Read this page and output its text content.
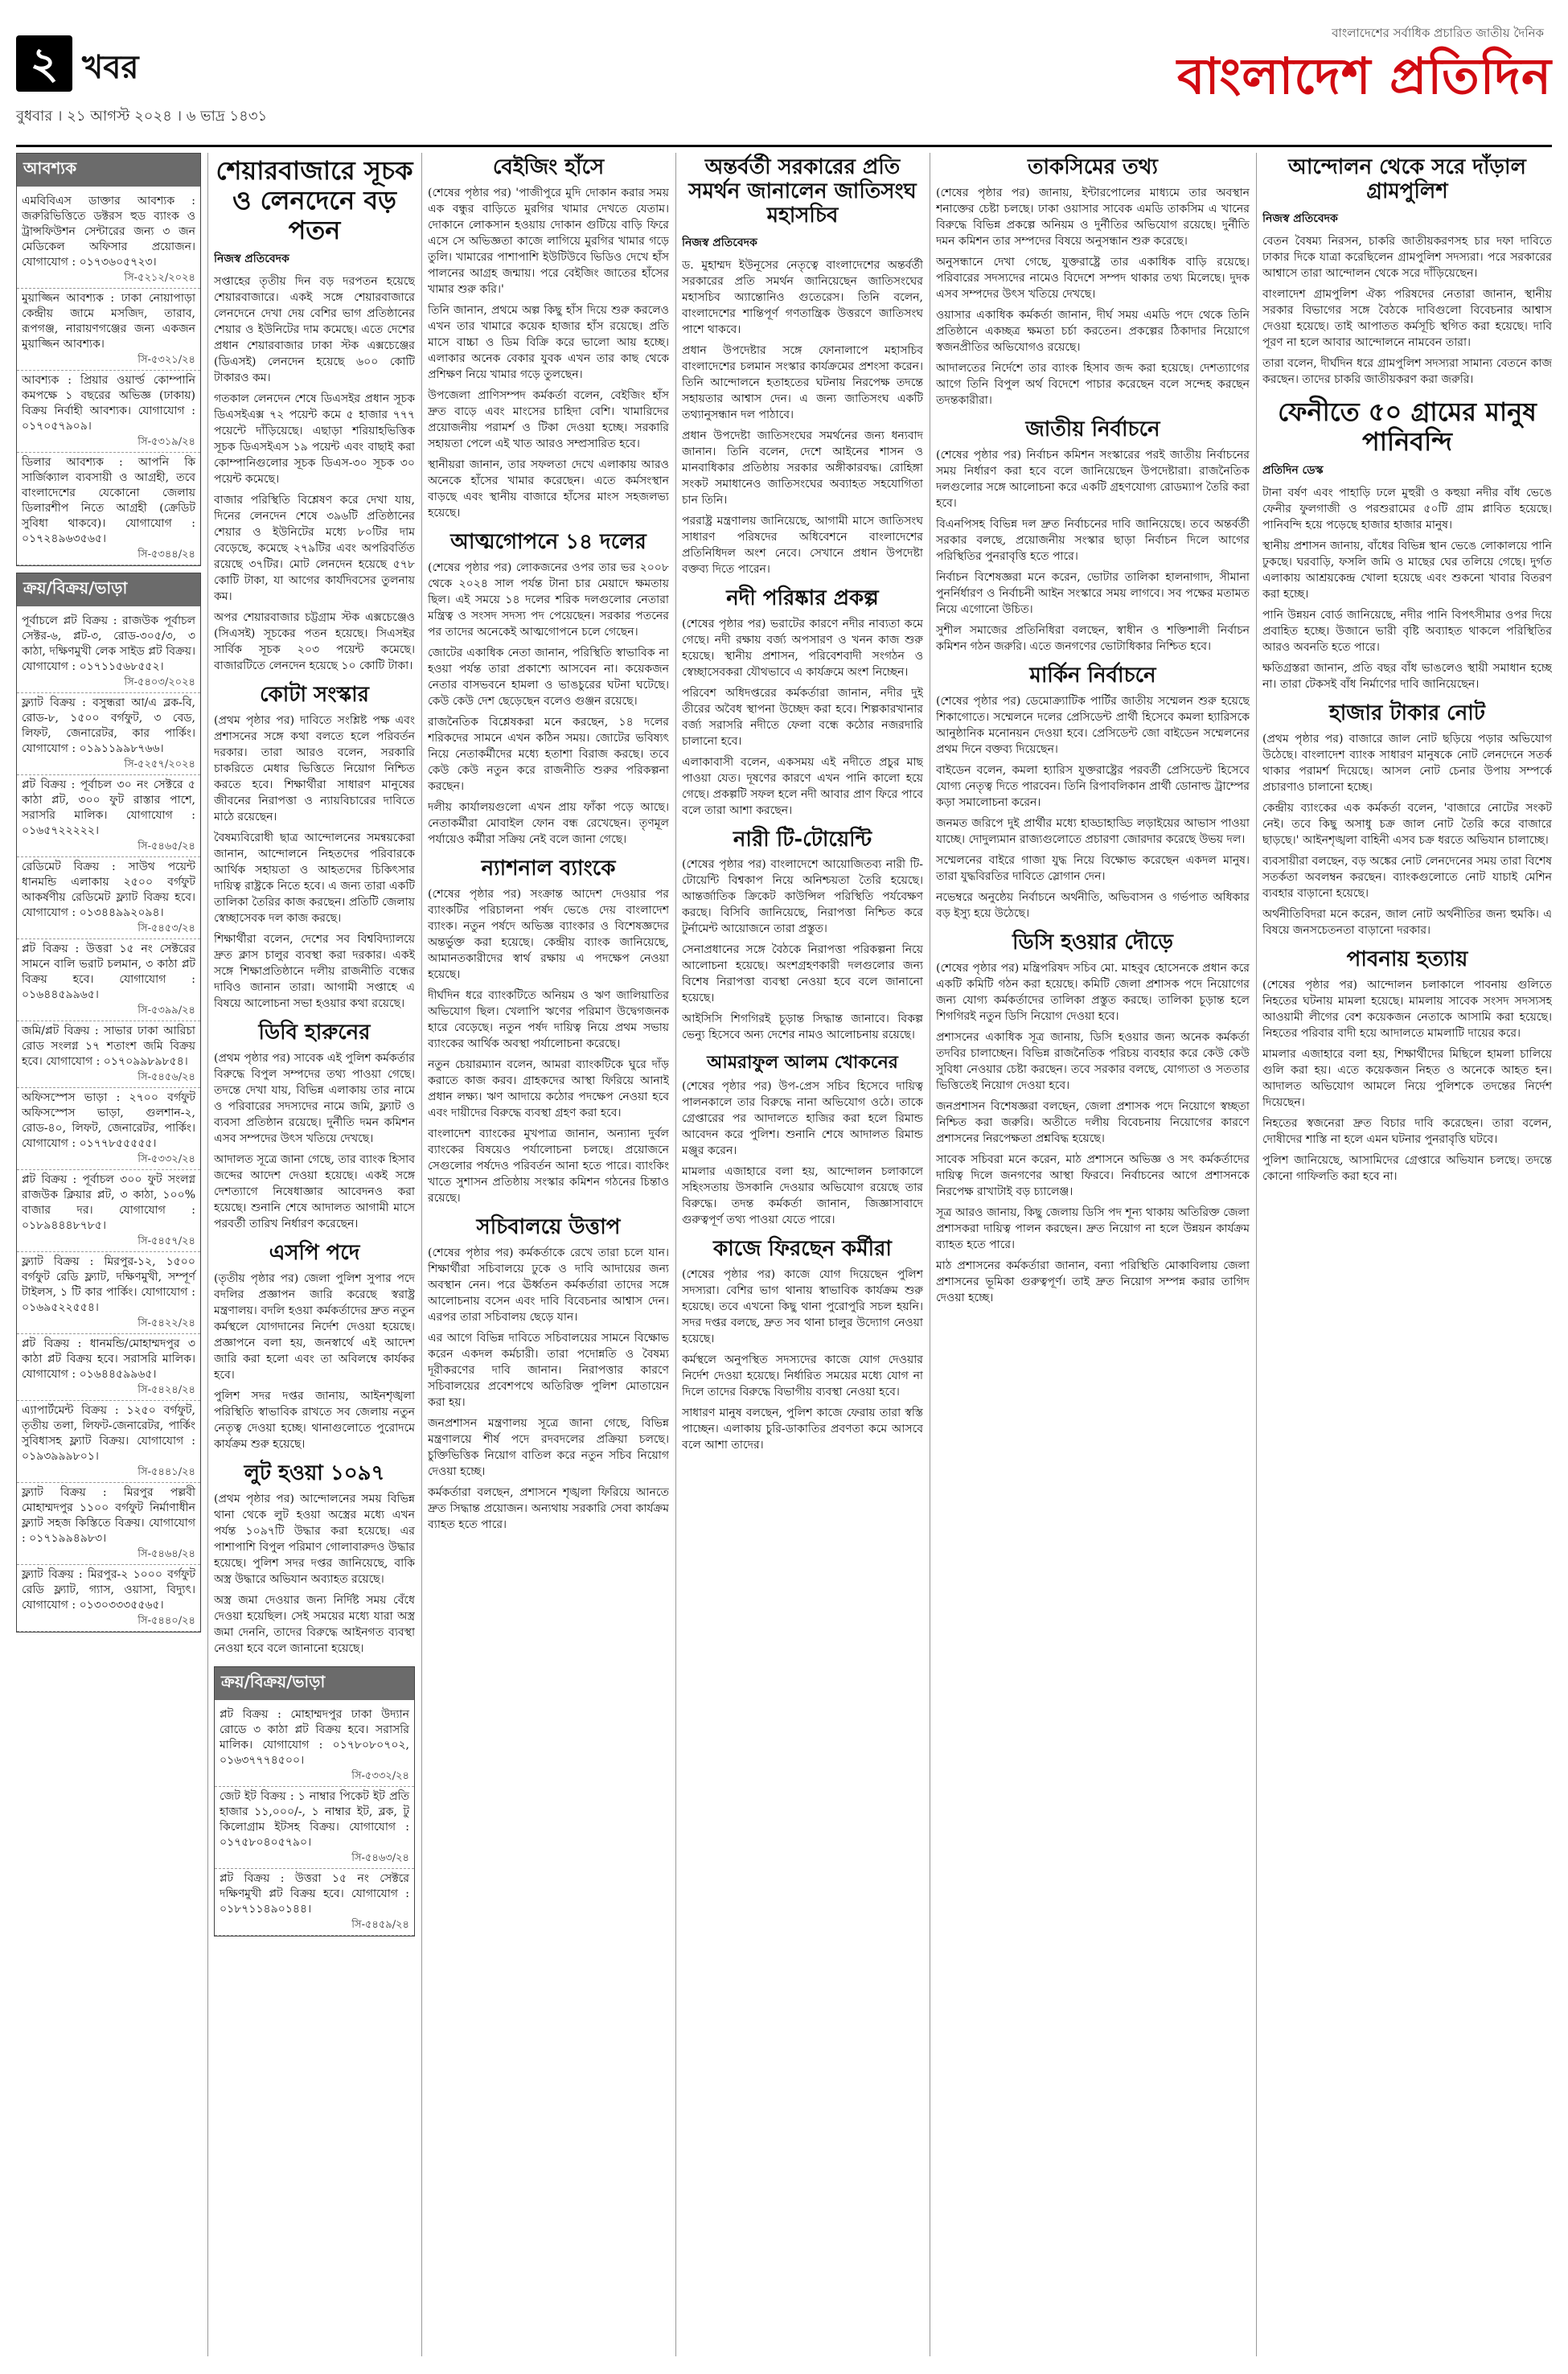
২ খবর
বুধবার । ২১ আগস্ট ২০২৪ । ৬ ভাদ্র ১৪৩১
বাংলাদেশের সর্বাধিক প্রচারিত জাতীয় দৈনিক
বাংলাদেশ প্রতিদিন
আবশ্যক
এমবিবিএস ডাক্তার আবশ্যক : জরুরিভিত্তিতে ডক্টরস হুড ব্যাংক ও ট্রান্সফিউশন সেন্টারের জন্য ৩ জন মেডিকেল অফিসার প্রয়োজন। যোগাযোগ : ০১৭৩৬০৫৭২৩।
সি-৫২১২/২০২৪
মুয়াজ্জিন আবশ্যক : ঢাকা নোয়াপাড়া কেন্দ্রীয় জামে মসজিদ, তারাব, রূপগঞ্জ, নারায়ণগঞ্জের জন্য একজন মুয়াজ্জিন আবশ্যক।
সি-৫৩২১/২৪
আবশ্যক : প্রিয়ার ওয়ার্ল্ড কোম্পানি কমপক্ষে ১ বছরের অভিজ্ঞ (ঢাকায়) বিক্রয় নির্বাহী আবশ্যক। যোগাযোগ : ০১৭০৫৭৯০৯।
সি-৫৩১৯/২৪
ডিলার আবশ্যক : আপনি কি সাৰ্জিক্যাল ব্যবসায়ী ও আগ্রহী, তবে বাংলাদেশের যেকোনো জেলায় ডিলারশীপ নিতে আগ্রহী (ক্রেডিট সুবিধা থাকবে)। যোগাযোগ : ০১৭২৪৯৬৩৫৬৫।
সি-৫৩৪৪/২৪
ক্রয়/বিক্রয়/ভাড়া
পূর্বাচলে প্লট বিক্রয় : রাজউক পূর্বাচল সেক্টর-৬, প্লট-৩, রোড-৩০৫/৩, ৩ কাঠা, দক্ষিণমুখী লেক সাইড প্লট বিক্রয়। যোগাযোগ : ০১৭১১৫৬৮৫৫২।
সি-৫৪০৩/২০২৪
ফ্ল্যাট বিক্রয় : বসুন্ধরা আ/এ ব্লক-বি, রোড-৮, ১৫০০ বর্গফুট, ৩ বেড, লিফট, জেনারেটর, কার পার্কিং। যোগাযোগ : ০১৯১১৯৯৮৭৬৬।
সি-৫২৫৭/২০২৪
প্লট বিক্রয় : পূর্বাচল ৩০ নং সেক্টরে ৫ কাঠা প্লট, ৩০০ ফুট রাস্তার পাশে, সরাসরি মালিক। যোগাযোগ : ০১৬৫৭২২২২২।
সি-৫৪৬৫/২৪
রেডিমেট বিক্রয় : সাউথ পয়েন্ট ধানমন্ডি এলাকায় ২৫০০ বর্গফুট আকর্ষণীয় রেডিমেট ফ্ল্যাট বিক্রয় হবে। যোগাযোগ : ০১৩৪৪৯৯২০৯৪।
সি-৫৪৫৩/২৪
প্লট বিক্রয় : উত্তরা ১৫ নং সেক্টরের সামনে বালি ভরাট চলমান, ৩ কাঠা প্লট বিক্রয় হবে। যোগাযোগ : ০১৬৪৪৫৯৯৬৫।
সি-৫৩৯৯/২৪
জমি/প্লট বিক্রয় : সাভার ঢাকা আরিচা রোড সংলগ্ন ১৭ শতাংশ জমি বিক্রয় হবে। যোগাযোগ : ০১৭০৯৯৮৯৮৫৪।
সি-৫৪৫৬/২৪
অফিসস্পেস ভাড়া : ২৭০০ বর্গফুট অফিসস্পেস ভাড়া, গুলশান-২, রোড-৪০, লিফট, জেনারেটর, পার্কিং। যোগাযোগ : ০১৭৭৮৫৫৫৫৫।
সি-৫৩৩২/২৪
প্লট বিক্রয় : পূর্বাচল ৩০০ ফুট সংলগ্ন রাজউক ক্লিয়ার প্লট, ৩ কাঠা, ১০০% বাজার দর। যোগাযোগ : ০১৮৯৪৪৪৮৭৮৫।
সি-৫৪৫৭/২৪
ফ্ল্যাট বিক্রয় : মিরপুর-১২, ১৫০০ বর্গফুট রেডি ফ্ল্যাট, দক্ষিণমুখী, সম্পূর্ণ টাইলস, ১ টি কার পার্কিং। যোগাযোগ : ০১৬৯৫২২৫৫৪।
সি-৫৪২২/২৪
প্লট বিক্রয় : ধানমন্ডি/মোহাম্মদপুর ৩ কাঠা প্লট বিক্রয় হবে। সরাসরি মালিক। যোগাযোগ : ০১৬৪৪৫৯৯৬৫।
সি-৫৪২৪/২৪
এ্যাপার্টমেন্ট বিক্রয় : ১২৫০ বর্গফুট, তৃতীয় তলা, লিফট-জেনারেটর, পার্কিং সুবিধাসহ ফ্ল্যাট বিক্রয়। যোগাযোগ : ০১৯৩৯৯৯৮০১।
সি-৫৪৪১/২৪
ফ্ল্যাট বিক্রয় : মিরপুর পল্লবী মোহাম্মদপুর ১১০০ বর্গফুট নির্মাণাধীন ফ্ল্যাট সহজ কিস্তিতে বিক্রয়। যোগাযোগ : ০১৭১৯৯৪৯৮৩।
সি-৫৪৬৪/২৪
ফ্ল্যাট বিক্রয় : মিরপুর-২ ১০০০ বর্গফুট রেডি ফ্ল্যাট, গ্যাস, ওয়াসা, বিদ্যুৎ। যোগাযোগ : ০১৩০৩৩৩৫৫৬৫।
সি-৫৪৪০/২৪
শেয়ারবাজারে সূচক ও লেনদেনে বড় পতন
নিজস্ব প্রতিবেদক

সপ্তাহের তৃতীয় দিন বড় দরপতন হয়েছে শেয়ারবাজারে। একই সঙ্গে শেয়ারবাজারে লেনদেনে দেখা দেয় বেশির ভাগ প্রতিষ্ঠানের শেয়ার ও ইউনিটের দাম কমেছে। এতে দেশের প্রধান শেয়ারবাজার ঢাকা স্টক এক্সচেঞ্জের (ডিএসই) লেনদেন হয়েছে ৬০০ কোটি টাকারও কম।

গতকাল লেনদেন শেষে ডিএসইর প্রধান সূচক ডিএসইএক্স ৭২ পয়েন্ট কমে ৫ হাজার ৭৭৭ পয়েন্টে দাঁড়িয়েছে। এছাড়া শরিয়াহভিত্তিক সূচক ডিএসইএস ১৯ পয়েন্ট এবং বাছাই করা কোম্পানিগুলোর সূচক ডিএস-৩০ সূচক ৩০ পয়েন্ট কমেছে।

বাজার পরিস্থিতি বিশ্লেষণ করে দেখা যায়, দিনের লেনদেন শেষে ৩৯৬টি প্রতিষ্ঠানের শেয়ার ও ইউনিটের মধ্যে ৮০টির দাম বেড়েছে, কমেছে ২৭৯টির এবং অপরিবর্তিত রয়েছে ৩৭টির। মোট লেনদেন হয়েছে ৫৭৮ কোটি টাকা, যা আগের কার্যদিবসের তুলনায় কম।

অপর শেয়ারবাজার চট্টগ্রাম স্টক এক্সচেঞ্জেও (সিএসই) সূচকের পতন হয়েছে। সিএসইর সার্বিক সূচক ২০৩ পয়েন্ট কমেছে। বাজারটিতে লেনদেন হয়েছে ১০ কোটি টাকা।

কোটা সংস্কার

(প্রথম পৃষ্ঠার পর) দাবিতে সংশ্লিষ্ট পক্ষ এবং প্রশাসনের সঙ্গে কথা বলতে হলে পরিবর্তন দরকার। তারা আরও বলেন, সরকারি চাকরিতে মেধার ভিত্তিতে নিয়োগ নিশ্চিত করতে হবে। শিক্ষার্থীরা সাধারণ মানুষের জীবনের নিরাপত্তা ও ন্যায়বিচারের দাবিতে মাঠে রয়েছেন।

বৈষম্যবিরোধী ছাত্র আন্দোলনের সমন্বয়কেরা জানান, আন্দোলনে নিহতদের পরিবারকে আর্থিক সহায়তা ও আহতদের চিকিৎসার দায়িত্ব রাষ্ট্রকে নিতে হবে। এ জন্য তারা একটি তালিকা তৈরির কাজ করছেন। প্রতিটি জেলায় স্বেচ্ছাসেবক দল কাজ করছে।

শিক্ষার্থীরা বলেন, দেশের সব বিশ্ববিদ্যালয়ে দ্রুত ক্লাস চালুর ব্যবস্থা করা দরকার। একই সঙ্গে শিক্ষাপ্রতিষ্ঠানে দলীয় রাজনীতি বন্ধের দাবিও জানান তারা। আগামী সপ্তাহে এ বিষয়ে আলোচনা সভা হওয়ার কথা রয়েছে।

ডিবি হারুনের

(প্রথম পৃষ্ঠার পর) সাবেক এই পুলিশ কর্মকর্তার বিরুদ্ধে বিপুল সম্পদের তথ্য পাওয়া গেছে। তদন্তে দেখা যায়, বিভিন্ন এলাকায় তার নামে ও পরিবারের সদস্যদের নামে জমি, ফ্ল্যাট ও ব্যবসা প্রতিষ্ঠান রয়েছে। দুর্নীতি দমন কমিশন এসব সম্পদের উৎস খতিয়ে দেখছে।

আদালত সূত্রে জানা গেছে, তার ব্যাংক হিসাব জব্দের আদেশ দেওয়া হয়েছে। একই সঙ্গে দেশত্যাগে নিষেধাজ্ঞার আবেদনও করা হয়েছে। শুনানি শেষে আদালত আগামী মাসে পরবর্তী তারিখ নির্ধারণ করেছেন।

এসপি পদে

(তৃতীয় পৃষ্ঠার পর) জেলা পুলিশ সুপার পদে বদলির প্রজ্ঞাপন জারি করেছে স্বরাষ্ট্র মন্ত্রণালয়। বদলি হওয়া কর্মকর্তাদের দ্রুত নতুন কর্মস্থলে যোগদানের নির্দেশ দেওয়া হয়েছে। প্রজ্ঞাপনে বলা হয়, জনস্বার্থে এই আদেশ জারি করা হলো এবং তা অবিলম্বে কার্যকর হবে।

পুলিশ সদর দপ্তর জানায়, আইনশৃঙ্খলা পরিস্থিতি স্বাভাবিক রাখতে সব জেলায় নতুন নেতৃত্ব দেওয়া হচ্ছে। থানাগুলোতে পুরোদমে কার্যক্রম শুরু হয়েছে।

লুট হওয়া ১০৯৭

(প্রথম পৃষ্ঠার পর) আন্দোলনের সময় বিভিন্ন থানা থেকে লুট হওয়া অস্ত্রের মধ্যে এখন পর্যন্ত ১০৯৭টি উদ্ধার করা হয়েছে। এর পাশাপাশি বিপুল পরিমাণ গোলাবারুদও উদ্ধার হয়েছে। পুলিশ সদর দপ্তর জানিয়েছে, বাকি অস্ত্র উদ্ধারে অভিযান অব্যাহত রয়েছে।

অস্ত্র জমা দেওয়ার জন্য নির্দিষ্ট সময় বেঁধে দেওয়া হয়েছিল। সেই সময়ের মধ্যে যারা অস্ত্র জমা দেননি, তাদের বিরুদ্ধে আইনগত ব্যবস্থা নেওয়া হবে বলে জানানো হয়েছে।

ক্রয়/বিক্রয়/ভাড়া
প্লট বিক্রয় : মোহাম্মদপুর ঢাকা উদ্যান রোডে ৩ কাঠা প্লট বিক্রয় হবে। সরাসরি মালিক। যোগাযোগ : ০১৭৮০৮০৭০২, ০১৬৩৭৭৭৪৫০০।
সি-৫৩৩২/২৪
জেট ইট বিক্রয় : ১ নাম্বার পিকেট ইট প্রতি হাজার ১১,০০০/-, ১ নাম্বার ইট, ব্লক, টু কিলোগ্রাম ইটসহ বিক্রয়। যোগাযোগ : ০১৭৫৮০৪০৫৭৯০।
সি-৫৪৬৩/২৪
প্লট বিক্রয় : উত্তরা ১৫ নং সেক্টরে দক্ষিণমুখী প্লট বিক্রয় হবে। যোগাযোগ : ০১৮৭১১৪৯০১৪৪।
সি-৫৪৫৯/২৪
বেইজিং হাঁসে

(শেষের পৃষ্ঠার পর) 'পাজীপুরে মুদি দোকান করার সময় এক বন্ধুর বাড়িতে মুরগির খামার দেখতে যেতাম। দোকানে লোকসান হওয়ায় দোকান গুটিয়ে বাড়ি ফিরে এসে সে অভিজ্ঞতা কাজে লাগিয়ে মুরগির খামার গড়ে তুলি। খামারের পাশাপাশি ইউটিউবে ভিডিও দেখে হাঁস পালনের আগ্রহ জন্মায়। পরে বেইজিং জাতের হাঁসের খামার শুরু করি।'

তিনি জানান, প্রথমে অল্প কিছু হাঁস দিয়ে শুরু করলেও এখন তার খামারে কয়েক হাজার হাঁস রয়েছে। প্রতি মাসে বাচ্চা ও ডিম বিক্রি করে ভালো আয় হচ্ছে। এলাকার অনেক বেকার যুবক এখন তার কাছ থেকে প্রশিক্ষণ নিয়ে খামার গড়ে তুলছেন।

উপজেলা প্রাণিসম্পদ কর্মকর্তা বলেন, বেইজিং হাঁস দ্রুত বাড়ে এবং মাংসের চাহিদা বেশি। খামারিদের প্রয়োজনীয় পরামর্শ ও টিকা দেওয়া হচ্ছে। সরকারি সহায়তা পেলে এই খাত আরও সম্প্রসারিত হবে।

স্থানীয়রা জানান, তার সফলতা দেখে এলাকায় আরও অনেকে হাঁসের খামার করেছেন। এতে কর্মসংস্থান বাড়ছে এবং স্থানীয় বাজারে হাঁসের মাংস সহজলভ্য হয়েছে।

আত্মগোপনে ১৪ দলের

(শেষের পৃষ্ঠার পর) লোকজনের ওপর তার ভর ২০০৮ থেকে ২০২৪ সাল পর্যন্ত টানা চার মেয়াদে ক্ষমতায় ছিল। এই সময়ে ১৪ দলের শরিক দলগুলোর নেতারা মন্ত্রিত্ব ও সংসদ সদস্য পদ পেয়েছেন। সরকার পতনের পর তাদের অনেকেই আত্মগোপনে চলে গেছেন।

জোটের একাধিক নেতা জানান, পরিস্থিতি স্বাভাবিক না হওয়া পর্যন্ত তারা প্রকাশ্যে আসবেন না। কয়েকজন নেতার বাসভবনে হামলা ও ভাঙচুরের ঘটনা ঘটেছে। কেউ কেউ দেশ ছেড়েছেন বলেও গুঞ্জন রয়েছে।

রাজনৈতিক বিশ্লেষকরা মনে করছেন, ১৪ দলের শরিকদের সামনে এখন কঠিন সময়। জোটের ভবিষ্যৎ নিয়ে নেতাকর্মীদের মধ্যে হতাশা বিরাজ করছে। তবে কেউ কেউ নতুন করে রাজনীতি শুরুর পরিকল্পনা করছেন।

দলীয় কার্যালয়গুলো এখন প্রায় ফাঁকা পড়ে আছে। নেতাকর্মীরা মোবাইল ফোন বন্ধ রেখেছেন। তৃণমূল পর্যায়েও কর্মীরা সক্রিয় নেই বলে জানা গেছে।

ন্যাশনাল ব্যাংকে

(শেষের পৃষ্ঠার পর) সংক্রান্ত আদেশ দেওয়ার পর ব্যাংকটির পরিচালনা পর্ষদ ভেঙে দেয় বাংলাদেশ ব্যাংক। নতুন পর্ষদে অভিজ্ঞ ব্যাংকার ও বিশেষজ্ঞদের অন্তর্ভুক্ত করা হয়েছে। কেন্দ্রীয় ব্যাংক জানিয়েছে, আমানতকারীদের স্বার্থ রক্ষায় এ পদক্ষেপ নেওয়া হয়েছে।

দীর্ঘদিন ধরে ব্যাংকটিতে অনিয়ম ও ঋণ জালিয়াতির অভিযোগ ছিল। খেলাপি ঋণের পরিমাণ উদ্বেগজনক হারে বেড়েছে। নতুন পর্ষদ দায়িত্ব নিয়ে প্রথম সভায় ব্যাংকের আর্থিক অবস্থা পর্যালোচনা করেছে।

নতুন চেয়ারম্যান বলেন, আমরা ব্যাংকটিকে ঘুরে দাঁড় করাতে কাজ করব। গ্রাহকদের আস্থা ফিরিয়ে আনাই প্রধান লক্ষ্য। ঋণ আদায়ে কঠোর পদক্ষেপ নেওয়া হবে এবং দায়ীদের বিরুদ্ধে ব্যবস্থা গ্রহণ করা হবে।

বাংলাদেশ ব্যাংকের মুখপাত্র জানান, অন্যান্য দুর্বল ব্যাংকের বিষয়েও পর্যালোচনা চলছে। প্রয়োজনে সেগুলোর পর্ষদেও পরিবর্তন আনা হতে পারে। ব্যাংকিং খাতে সুশাসন প্রতিষ্ঠায় সংস্কার কমিশন গঠনের চিন্তাও রয়েছে।

সচিবালয়ে উত্তাপ

(শেষের পৃষ্ঠার পর) কর্মকর্তাকে রেখে তারা চলে যান। শিক্ষার্থীরা সচিবালয়ে ঢুকে ও দাবি আদায়ের জন্য অবস্থান নেন। পরে ঊর্ধ্বতন কর্মকর্তারা তাদের সঙ্গে আলোচনায় বসেন এবং দাবি বিবেচনার আশ্বাস দেন। এরপর তারা সচিবালয় ছেড়ে যান।

এর আগে বিভিন্ন দাবিতে সচিবালয়ের সামনে বিক্ষোভ করেন একদল কর্মচারী। তারা পদোন্নতি ও বৈষম্য দূরীকরণের দাবি জানান। নিরাপত্তার কারণে সচিবালয়ের প্রবেশপথে অতিরিক্ত পুলিশ মোতায়েন করা হয়।

জনপ্রশাসন মন্ত্রণালয় সূত্রে জানা গেছে, বিভিন্ন মন্ত্রণালয়ে শীর্ষ পদে রদবদলের প্রক্রিয়া চলছে। চুক্তিভিত্তিক নিয়োগ বাতিল করে নতুন সচিব নিয়োগ দেওয়া হচ্ছে।

কর্মকর্তারা বলছেন, প্রশাসনে শৃঙ্খলা ফিরিয়ে আনতে দ্রুত সিদ্ধান্ত প্রয়োজন। অন্যথায় সরকারি সেবা কার্যক্রম ব্যাহত হতে পারে।

অন্তর্বর্তী সরকারের প্রতি সমর্থন জানালেন জাতিসংঘ মহাসচিব
নিজস্ব প্রতিবেদক

ড. মুহাম্মদ ইউনূসের নেতৃত্বে বাংলাদেশের অন্তর্বর্তী সরকারের প্রতি সমর্থন জানিয়েছেন জাতিসংঘের মহাসচিব অ্যান্তোনিও গুতেরেস। তিনি বলেন, বাংলাদেশের শান্তিপূর্ণ গণতান্ত্রিক উত্তরণে জাতিসংঘ পাশে থাকবে।

প্রধান উপদেষ্টার সঙ্গে ফোনালাপে মহাসচিব বাংলাদেশের চলমান সংস্কার কার্যক্রমের প্রশংসা করেন। তিনি আন্দোলনে হতাহতের ঘটনায় নিরপেক্ষ তদন্তে সহায়তার আশ্বাস দেন। এ জন্য জাতিসংঘ একটি তথ্যানুসন্ধান দল পাঠাবে।

প্রধান উপদেষ্টা জাতিসংঘের সমর্থনের জন্য ধন্যবাদ জানান। তিনি বলেন, দেশে আইনের শাসন ও মানবাধিকার প্রতিষ্ঠায় সরকার অঙ্গীকারবদ্ধ। রোহিঙ্গা সংকট সমাধানেও জাতিসংঘের অব্যাহত সহযোগিতা চান তিনি।

পররাষ্ট্র মন্ত্রণালয় জানিয়েছে, আগামী মাসে জাতিসংঘ সাধারণ পরিষদের অধিবেশনে বাংলাদেশের প্রতিনিধিদল অংশ নেবে। সেখানে প্রধান উপদেষ্টা বক্তব্য দিতে পারেন।

নদী পরিষ্কার প্রকল্প

(শেষের পৃষ্ঠার পর) ভরাটের কারণে নদীর নাব্যতা কমে গেছে। নদী রক্ষায় বর্জ্য অপসারণ ও খনন কাজ শুরু হয়েছে। স্থানীয় প্রশাসন, পরিবেশবাদী সংগঠন ও স্বেচ্ছাসেবকরা যৌথভাবে এ কার্যক্রমে অংশ নিচ্ছেন।

পরিবেশ অধিদপ্তরের কর্মকর্তারা জানান, নদীর দুই তীরের অবৈধ স্থাপনা উচ্ছেদ করা হবে। শিল্পকারখানার বর্জ্য সরাসরি নদীতে ফেলা বন্ধে কঠোর নজরদারি চালানো হবে।

এলাকাবাসী বলেন, একসময় এই নদীতে প্রচুর মাছ পাওয়া যেত। দূষণের কারণে এখন পানি কালো হয়ে গেছে। প্রকল্পটি সফল হলে নদী আবার প্রাণ ফিরে পাবে বলে তারা আশা করছেন।

নারী টি-টোয়েন্টি

(শেষের পৃষ্ঠার পর) বাংলাদেশে আয়োজিতব্য নারী টি-টোয়েন্টি বিশ্বকাপ নিয়ে অনিশ্চয়তা তৈরি হয়েছে। আন্তর্জাতিক ক্রিকেট কাউন্সিল পরিস্থিতি পর্যবেক্ষণ করছে। বিসিবি জানিয়েছে, নিরাপত্তা নিশ্চিত করে টুর্নামেন্ট আয়োজনে তারা প্রস্তুত।

সেনাপ্রধানের সঙ্গে বৈঠকে নিরাপত্তা পরিকল্পনা নিয়ে আলোচনা হয়েছে। অংশগ্রহণকারী দলগুলোর জন্য বিশেষ নিরাপত্তা ব্যবস্থা নেওয়া হবে বলে জানানো হয়েছে।

আইসিসি শিগগিরই চূড়ান্ত সিদ্ধান্ত জানাবে। বিকল্প ভেন্যু হিসেবে অন্য দেশের নামও আলোচনায় রয়েছে।

আমরাফুল আলম খোকনের

(শেষের পৃষ্ঠার পর) উপ-প্রেস সচিব হিসেবে দায়িত্ব পালনকালে তার বিরুদ্ধে নানা অভিযোগ ওঠে। তাকে গ্রেপ্তারের পর আদালতে হাজির করা হলে রিমান্ড আবেদন করে পুলিশ। শুনানি শেষে আদালত রিমান্ড মঞ্জুর করেন।

মামলার এজাহারে বলা হয়, আন্দোলন চলাকালে সহিংসতায় উসকানি দেওয়ার অভিযোগ রয়েছে তার বিরুদ্ধে। তদন্ত কর্মকর্তা জানান, জিজ্ঞাসাবাদে গুরুত্বপূর্ণ তথ্য পাওয়া যেতে পারে।

কাজে ফিরছেন কর্মীরা

(শেষের পৃষ্ঠার পর) কাজে যোগ দিয়েছেন পুলিশ সদস্যরা। বেশির ভাগ থানায় স্বাভাবিক কার্যক্রম শুরু হয়েছে। তবে এখনো কিছু থানা পুরোপুরি সচল হয়নি। সদর দপ্তর বলছে, দ্রুত সব থানা চালুর উদ্যোগ নেওয়া হয়েছে।

কর্মস্থলে অনুপস্থিত সদস্যদের কাজে যোগ দেওয়ার নির্দেশ দেওয়া হয়েছে। নির্ধারিত সময়ের মধ্যে যোগ না দিলে তাদের বিরুদ্ধে বিভাগীয় ব্যবস্থা নেওয়া হবে।

সাধারণ মানুষ বলছেন, পুলিশ কাজে ফেরায় তারা স্বস্তি পাচ্ছেন। এলাকায় চুরি-ডাকাতির প্রবণতা কমে আসবে বলে আশা তাদের।

তাকসিমের তথ্য

(শেষের পৃষ্ঠার পর) জানায়, ইন্টারপোলের মাধ্যমে তার অবস্থান শনাক্তের চেষ্টা চলছে। ঢাকা ওয়াসার সাবেক এমডি তাকসিম এ খানের বিরুদ্ধে বিভিন্ন প্রকল্পে অনিয়ম ও দুর্নীতির অভিযোগ রয়েছে। দুর্নীতি দমন কমিশন তার সম্পদের বিষয়ে অনুসন্ধান শুরু করেছে।

অনুসন্ধানে দেখা গেছে, যুক্তরাষ্ট্রে তার একাধিক বাড়ি রয়েছে। পরিবারের সদস্যদের নামেও বিদেশে সম্পদ থাকার তথ্য মিলেছে। দুদক এসব সম্পদের উৎস খতিয়ে দেখছে।

ওয়াসার একাধিক কর্মকর্তা জানান, দীর্ঘ সময় এমডি পদে থেকে তিনি প্রতিষ্ঠানে একচ্ছত্র ক্ষমতা চর্চা করতেন। প্রকল্পের ঠিকাদার নিয়োগে স্বজনপ্রীতির অভিযোগও রয়েছে।

আদালতের নির্দেশে তার ব্যাংক হিসাব জব্দ করা হয়েছে। দেশত্যাগের আগে তিনি বিপুল অর্থ বিদেশে পাচার করেছেন বলে সন্দেহ করছেন তদন্তকারীরা।

জাতীয় নির্বাচনে

(শেষের পৃষ্ঠার পর) নির্বাচন কমিশন সংস্কারের পরই জাতীয় নির্বাচনের সময় নির্ধারণ করা হবে বলে জানিয়েছেন উপদেষ্টারা। রাজনৈতিক দলগুলোর সঙ্গে আলোচনা করে একটি গ্রহণযোগ্য রোডম্যাপ তৈরি করা হবে।

বিএনপিসহ বিভিন্ন দল দ্রুত নির্বাচনের দাবি জানিয়েছে। তবে অন্তর্বর্তী সরকার বলছে, প্রয়োজনীয় সংস্কার ছাড়া নির্বাচন দিলে আগের পরিস্থিতির পুনরাবৃত্তি হতে পারে।

নির্বাচন বিশেষজ্ঞরা মনে করেন, ভোটার তালিকা হালনাগাদ, সীমানা পুনর্নির্ধারণ ও নির্বাচনী আইন সংস্কারে সময় লাগবে। সব পক্ষের মতামত নিয়ে এগোনো উচিত।

সুশীল সমাজের প্রতিনিধিরা বলছেন, স্বাধীন ও শক্তিশালী নির্বাচন কমিশন গঠন জরুরি। এতে জনগণের ভোটাধিকার নিশ্চিত হবে।

মার্কিন নির্বাচনে

(শেষের পৃষ্ঠার পর) ডেমোক্র্যাটিক পার্টির জাতীয় সম্মেলন শুরু হয়েছে শিকাগোতে। সম্মেলনে দলের প্রেসিডেন্ট প্রার্থী হিসেবে কমলা হ্যারিসকে আনুষ্ঠানিক মনোনয়ন দেওয়া হবে। প্রেসিডেন্ট জো বাইডেন সম্মেলনের প্রথম দিনে বক্তব্য দিয়েছেন।

বাইডেন বলেন, কমলা হ্যারিস যুক্তরাষ্ট্রের পরবর্তী প্রেসিডেন্ট হিসেবে যোগ্য নেতৃত্ব দিতে পারবেন। তিনি রিপাবলিকান প্রার্থী ডোনাল্ড ট্রাম্পের কড়া সমালোচনা করেন।

জনমত জরিপে দুই প্রার্থীর মধ্যে হাড্ডাহাড্ডি লড়াইয়ের আভাস পাওয়া যাচ্ছে। দোদুল্যমান রাজ্যগুলোতে প্রচারণা জোরদার করেছে উভয় দল।

সম্মেলনের বাইরে গাজা যুদ্ধ নিয়ে বিক্ষোভ করেছেন একদল মানুষ। তারা যুদ্ধবিরতির দাবিতে স্লোগান দেন।

নভেম্বরে অনুষ্ঠেয় নির্বাচনে অর্থনীতি, অভিবাসন ও গর্ভপাত অধিকার বড় ইস্যু হয়ে উঠেছে।

ডিসি হওয়ার দৌড়ে

(শেষের পৃষ্ঠার পর) মন্ত্রিপরিষদ সচিব মো. মাহবুব হোসেনকে প্রধান করে একটি কমিটি গঠন করা হয়েছে। কমিটি জেলা প্রশাসক পদে নিয়োগের জন্য যোগ্য কর্মকর্তাদের তালিকা প্রস্তুত করছে। তালিকা চূড়ান্ত হলে শিগগিরই নতুন ডিসি নিয়োগ দেওয়া হবে।

প্রশাসনের একাধিক সূত্র জানায়, ডিসি হওয়ার জন্য অনেক কর্মকর্তা তদবির চালাচ্ছেন। বিভিন্ন রাজনৈতিক পরিচয় ব্যবহার করে কেউ কেউ সুবিধা নেওয়ার চেষ্টা করছেন। তবে সরকার বলছে, যোগ্যতা ও সততার ভিত্তিতেই নিয়োগ দেওয়া হবে।

জনপ্রশাসন বিশেষজ্ঞরা বলছেন, জেলা প্রশাসক পদে নিয়োগে স্বচ্ছতা নিশ্চিত করা জরুরি। অতীতে দলীয় বিবেচনায় নিয়োগের কারণে প্রশাসনের নিরপেক্ষতা প্রশ্নবিদ্ধ হয়েছে।

সাবেক সচিবরা মনে করেন, মাঠ প্রশাসনে অভিজ্ঞ ও সৎ কর্মকর্তাদের দায়িত্ব দিলে জনগণের আস্থা ফিরবে। নির্বাচনের আগে প্রশাসনকে নিরপেক্ষ রাখাটাই বড় চ্যালেঞ্জ।

সূত্র আরও জানায়, কিছু জেলায় ডিসি পদ শূন্য থাকায় অতিরিক্ত জেলা প্রশাসকরা দায়িত্ব পালন করছেন। দ্রুত নিয়োগ না হলে উন্নয়ন কার্যক্রম ব্যাহত হতে পারে।

মাঠ প্রশাসনের কর্মকর্তারা জানান, বন্যা পরিস্থিতি মোকাবিলায় জেলা প্রশাসনের ভূমিকা গুরুত্বপূর্ণ। তাই দ্রুত নিয়োগ সম্পন্ন করার তাগিদ দেওয়া হচ্ছে।

আন্দোলন থেকে সরে দাঁড়াল গ্রামপুলিশ
নিজস্ব প্রতিবেদক

বেতন বৈষম্য নিরসন, চাকরি জাতীয়করণসহ চার দফা দাবিতে ঢাকার দিকে যাত্রা করেছিলেন গ্রামপুলিশ সদস্যরা। পরে সরকারের আশ্বাসে তারা আন্দোলন থেকে সরে দাঁড়িয়েছেন।

বাংলাদেশ গ্রামপুলিশ ঐক্য পরিষদের নেতারা জানান, স্থানীয় সরকার বিভাগের সঙ্গে বৈঠকে দাবিগুলো বিবেচনার আশ্বাস দেওয়া হয়েছে। তাই আপাতত কর্মসূচি স্থগিত করা হয়েছে। দাবি পূরণ না হলে আবার আন্দোলনে নামবেন তারা।

তারা বলেন, দীর্ঘদিন ধরে গ্রামপুলিশ সদস্যরা সামান্য বেতনে কাজ করছেন। তাদের চাকরি জাতীয়করণ করা জরুরি।

ফেনীতে ৫০ গ্রামের মানুষ পানিবন্দি
প্রতিদিন ডেস্ক

টানা বর্ষণ এবং পাহাড়ি ঢলে মুহুরী ও কহুয়া নদীর বাঁধ ভেঙে ফেনীর ফুলগাজী ও পরশুরামের ৫০টি গ্রাম প্লাবিত হয়েছে। পানিবন্দি হয়ে পড়েছে হাজার হাজার মানুষ।

স্থানীয় প্রশাসন জানায়, বাঁধের বিভিন্ন স্থান ভেঙে লোকালয়ে পানি ঢুকছে। ঘরবাড়ি, ফসলি জমি ও মাছের ঘের তলিয়ে গেছে। দুর্গত এলাকায় আশ্রয়কেন্দ্র খোলা হয়েছে এবং শুকনো খাবার বিতরণ করা হচ্ছে।

পানি উন্নয়ন বোর্ড জানিয়েছে, নদীর পানি বিপৎসীমার ওপর দিয়ে প্রবাহিত হচ্ছে। উজানে ভারী বৃষ্টি অব্যাহত থাকলে পরিস্থিতির আরও অবনতি হতে পারে।

ক্ষতিগ্রস্তরা জানান, প্রতি বছর বাঁধ ভাঙলেও স্থায়ী সমাধান হচ্ছে না। তারা টেকসই বাঁধ নির্মাণের দাবি জানিয়েছেন।

হাজার টাকার নোট

(প্রথম পৃষ্ঠার পর) বাজারে জাল নোট ছড়িয়ে পড়ার অভিযোগ উঠেছে। বাংলাদেশ ব্যাংক সাধারণ মানুষকে নোট লেনদেনে সতর্ক থাকার পরামর্শ দিয়েছে। আসল নোট চেনার উপায় সম্পর্কে প্রচারণাও চালানো হচ্ছে।

কেন্দ্রীয় ব্যাংকের এক কর্মকর্তা বলেন, 'বাজারে নোটের সংকট নেই। তবে কিছু অসাধু চক্র জাল নোট তৈরি করে বাজারে ছাড়ছে।' আইনশৃঙ্খলা বাহিনী এসব চক্র ধরতে অভিযান চালাচ্ছে।

ব্যবসায়ীরা বলছেন, বড় অঙ্কের নোট লেনদেনের সময় তারা বিশেষ সতর্কতা অবলম্বন করছেন। ব্যাংকগুলোতে নোট যাচাই মেশিন ব্যবহার বাড়ানো হয়েছে।

অর্থনীতিবিদরা মনে করেন, জাল নোট অর্থনীতির জন্য হুমকি। এ বিষয়ে জনসচেতনতা বাড়ানো দরকার।

পাবনায় হত্যায়

(শেষের পৃষ্ঠার পর) আন্দোলন চলাকালে পাবনায় গুলিতে নিহতের ঘটনায় মামলা হয়েছে। মামলায় সাবেক সংসদ সদস্যসহ আওয়ামী লীগের বেশ কয়েকজন নেতাকে আসামি করা হয়েছে। নিহতের পরিবার বাদী হয়ে আদালতে মামলাটি দায়ের করে।

মামলার এজাহারে বলা হয়, শিক্ষার্থীদের মিছিলে হামলা চালিয়ে গুলি করা হয়। এতে কয়েকজন নিহত ও অনেকে আহত হন। আদালত অভিযোগ আমলে নিয়ে পুলিশকে তদন্তের নির্দেশ দিয়েছেন।

নিহতের স্বজনেরা দ্রুত বিচার দাবি করেছেন। তারা বলেন, দোষীদের শাস্তি না হলে এমন ঘটনার পুনরাবৃত্তি ঘটবে।

পুলিশ জানিয়েছে, আসামিদের গ্রেপ্তারে অভিযান চলছে। তদন্তে কোনো গাফিলতি করা হবে না।
